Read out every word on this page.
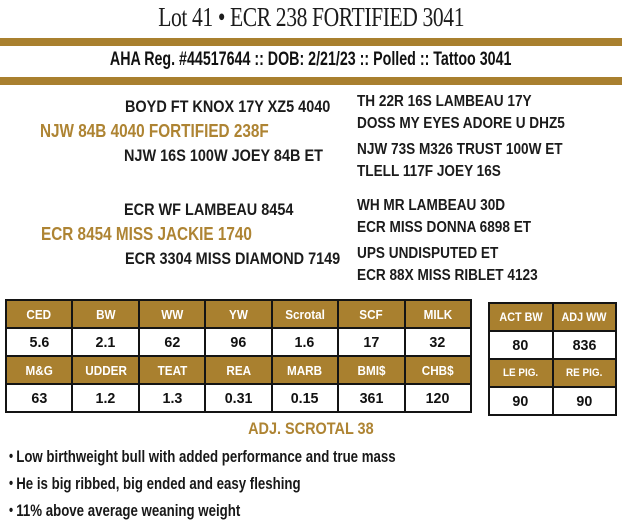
Lot 41 • ECR 238 FORTIFIED 3041
AHA Reg. #44517644 :: DOB: 2/21/23 :: Polled :: Tattoo 3041
BOYD FT KNOX 17Y XZ5 4040
NJW 84B 4040 FORTIFIED 238F
NJW 16S 100W JOEY 84B ET
TH 22R 16S LAMBEAU 17Y
DOSS MY EYES ADORE U DHZ5
NJW 73S M326 TRUST 100W ET
TLELL 117F JOEY 16S
ECR WF LAMBEAU 8454
ECR 8454 MISS JACKIE 1740
ECR 3304 MISS DIAMOND 7149
WH MR LAMBEAU 30D
ECR MISS DONNA 6898 ET
UPS UNDISPUTED ET
ECR 88X MISS RIBLET 4123
CED	BW	WW	YW	Scrotal	SCF	MILK
5.6	2.1	62	96	1.6	17	32
M&G	UDDER	TEAT	REA	MARB	BMI$	CHB$
63	1.2	1.3	0.31	0.15	361	120
ACT BW	ADJ WW
80	836
LE PIG.	RE PIG.
90	90
ADJ. SCROTAL 38
• Low birthweight bull with added performance and true mass
• He is big ribbed, big ended and easy fleshing
• 11% above average weaning weight
